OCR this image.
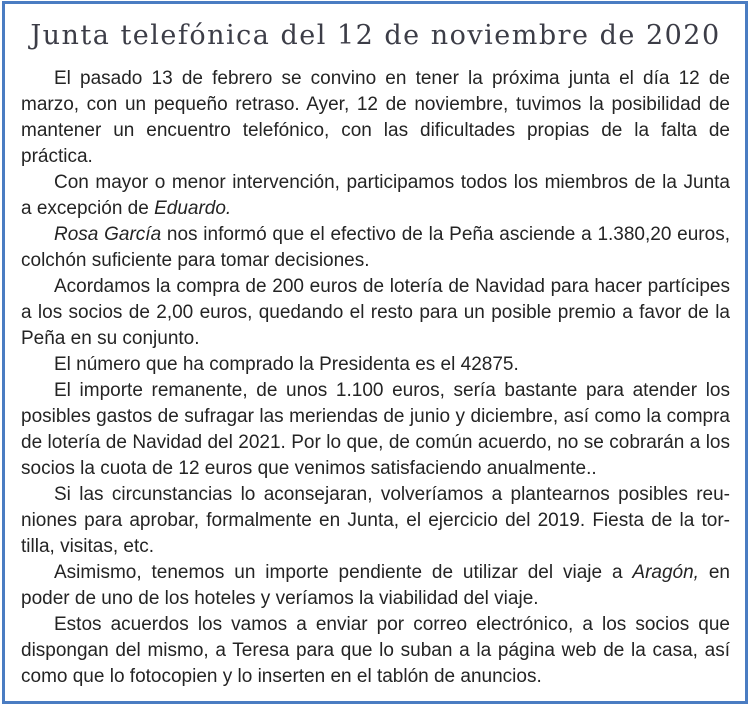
Junta telefónica del 12 de noviembre de 2020

El pasado 13 de febrero se convino en tener la próxima junta el día 12 de marzo, con un pequeño retraso. Ayer, 12 de noviembre, tuvimos la posibilidad de mantener un encuentro telefónico, con las dificultades propias de la falta de práctica.

Con mayor o menor intervención, participamos todos los miembros de la Junta a excepción de Eduardo.

Rosa García nos informó que el efectivo de la Peña asciende a 1.380,20 euros, colchón suficiente para tomar decisiones.

Acordamos la compra de 200 euros de lotería de Navidad para hacer partícipes a los socios de 2,00 euros, quedando el resto para un posible premio a favor de la Peña en su conjunto.

El número que ha comprado la Presidenta es el 42875.

El importe remanente, de unos 1.100 euros, sería bastante para atender los posibles gastos de sufragar las meriendas de junio y diciembre, así como la compra de lotería de Navidad del 2021. Por lo que, de común acuerdo, no se cobrarán a los socios la cuota de 12 euros que venimos satisfaciendo anualmente..

Si las circunstancias lo aconsejaran, volveríamos a plantearnos posibles reuniones para aprobar, formalmente en Junta, el ejercicio del 2019. Fiesta de la tortilla, visitas, etc.

Asimismo, tenemos un importe pendiente de utilizar del viaje a Aragón, en poder de uno de los hoteles y veríamos la viabilidad del viaje.

Estos acuerdos los vamos a enviar por correo electrónico, a los socios que dispongan del mismo, a Teresa para que lo suban a la página web de la casa, así como que lo fotocopien y lo inserten en el tablón de anuncios.
